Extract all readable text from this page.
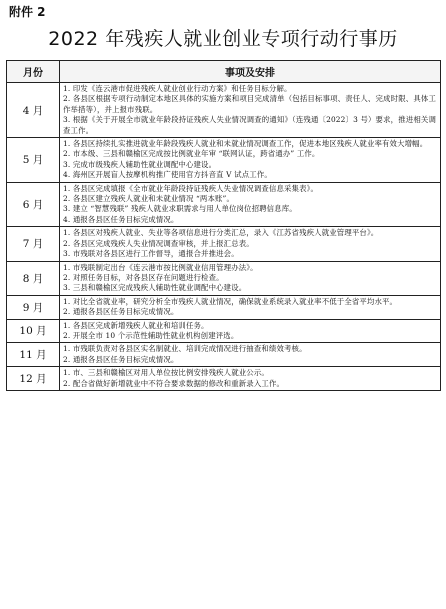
附件 2
2022 年残疾人就业创业专项行动行事历
月份	事项及安排
4 月	1. 印发《连云港市促进残疾人就业创业行动方案》和任务目标分解。
2. 各县区根据专项行动制定本地区具体的实施方案和项目完成清单（包括目标事项、责任人、完成时限、具体工作举措等），并上报市残联。
3. 根据《关于开展全市就业年龄段持证残疾人失业情况调查的通知》（连残通〔2022〕3 号）要求，推进相关调查工作。

5 月	1. 各县区持续扎实推进就业年龄段残疾人就业和未就业情况调查工作，促进本地区残疾人就业率有效大增幅。
2. 市本级、三县和赣榆区完成按比例就业年审 “联网认证，跨省通办” 工作。
3. 完成市级残疾人辅助性就业调配中心建设。
4. 海州区开展盲人按摩机构推广使用官方抖音直 V 试点工作。

6 月	1. 各县区完成填报《全市就业年龄段持证残疾人失业情况调查信息采集表》。
2. 各县区建立残疾人就业和未就业情况 “两本账”。
3. 建立 “智慧残联” 残疾人就业求职需求与用人单位岗位招聘信息库。
4. 通报各县区任务目标完成情况。

7 月	1. 各县区对残疾人就业、失业等各项信息进行分类汇总，录入《江苏省残疾人就业管理平台》。
2. 各县区完成残疾人失业情况调查审核，并上报汇总表。
3. 市残联对各县区进行工作督导，通报合并推进会。

8 月	1. 市残联制定出台《连云港市按比例就业信用管理办法》。
2. 对照任务目标，对各县区存在问题进行检查。
3. 三县和赣榆区完成残疾人辅助性就业调配中心建设。

9 月	1. 对比全省就业率，研究分析全市残疾人就业情况，确保就业系统录入就业率不低于全省平均水平。
2. 通报各县区任务目标完成情况。

10 月	1. 各县区完成新增残疾人就业和培训任务。
2. 开展全市 10 个示范性辅助性就业机构创建评选。

11 月	1. 市残联负责对各县区实名制就业、培训完成情况进行抽查和绩效考核。
2. 通报各县区任务目标完成情况。

12 月	1. 市、三县和赣榆区对用人单位按比例安排残疾人就业公示。
2. 配合省做好新增就业中不符合要求数据的修改和重新录入工作。
